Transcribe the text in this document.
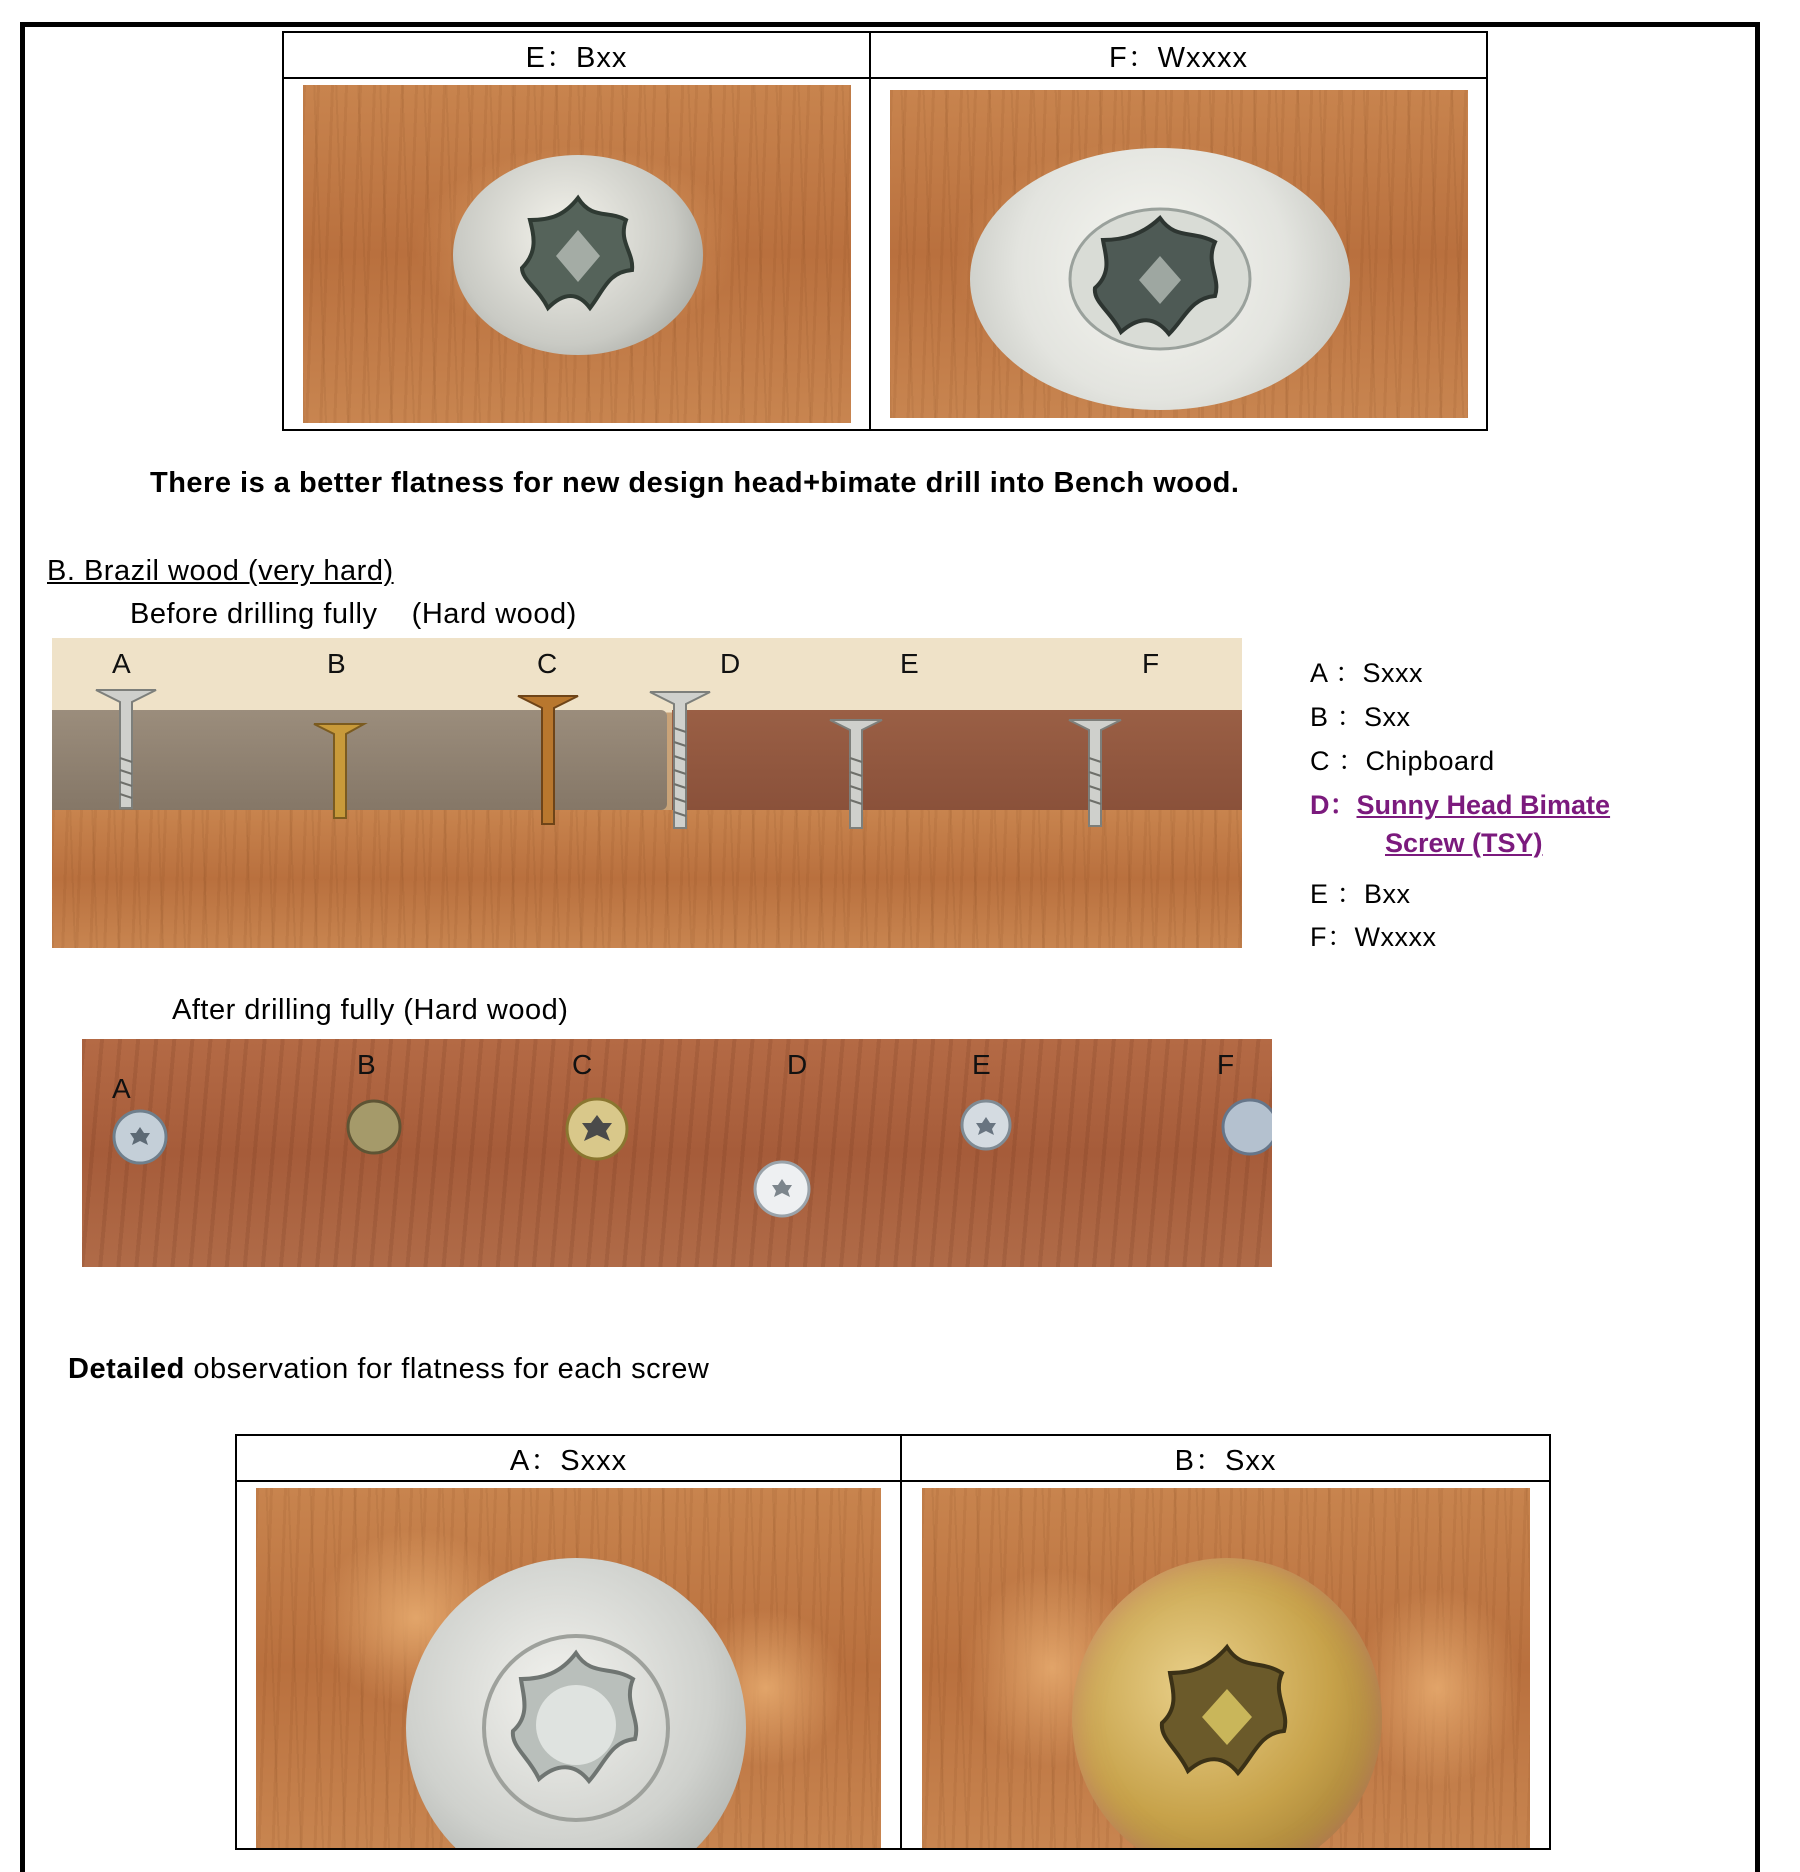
E：Bxx	F：Wxxxx

There is a better flatness for new design head+bimate drill into Bench wood.
B. Brazil wood (very hard)
Before drilling fully    (Hard wood)
A	B	C	D	E	F	A ：Sxxx
B ：Sxx
C ：Chipboard
D：Sunny Head Bimate
Screw (TSY)
E ：Bxx
F：Wxxxx
After drilling fully (Hard wood)
A
B	C	D	E	F
Detailed observation for flatness for each screw
A：Sxxx	B：Sxx
